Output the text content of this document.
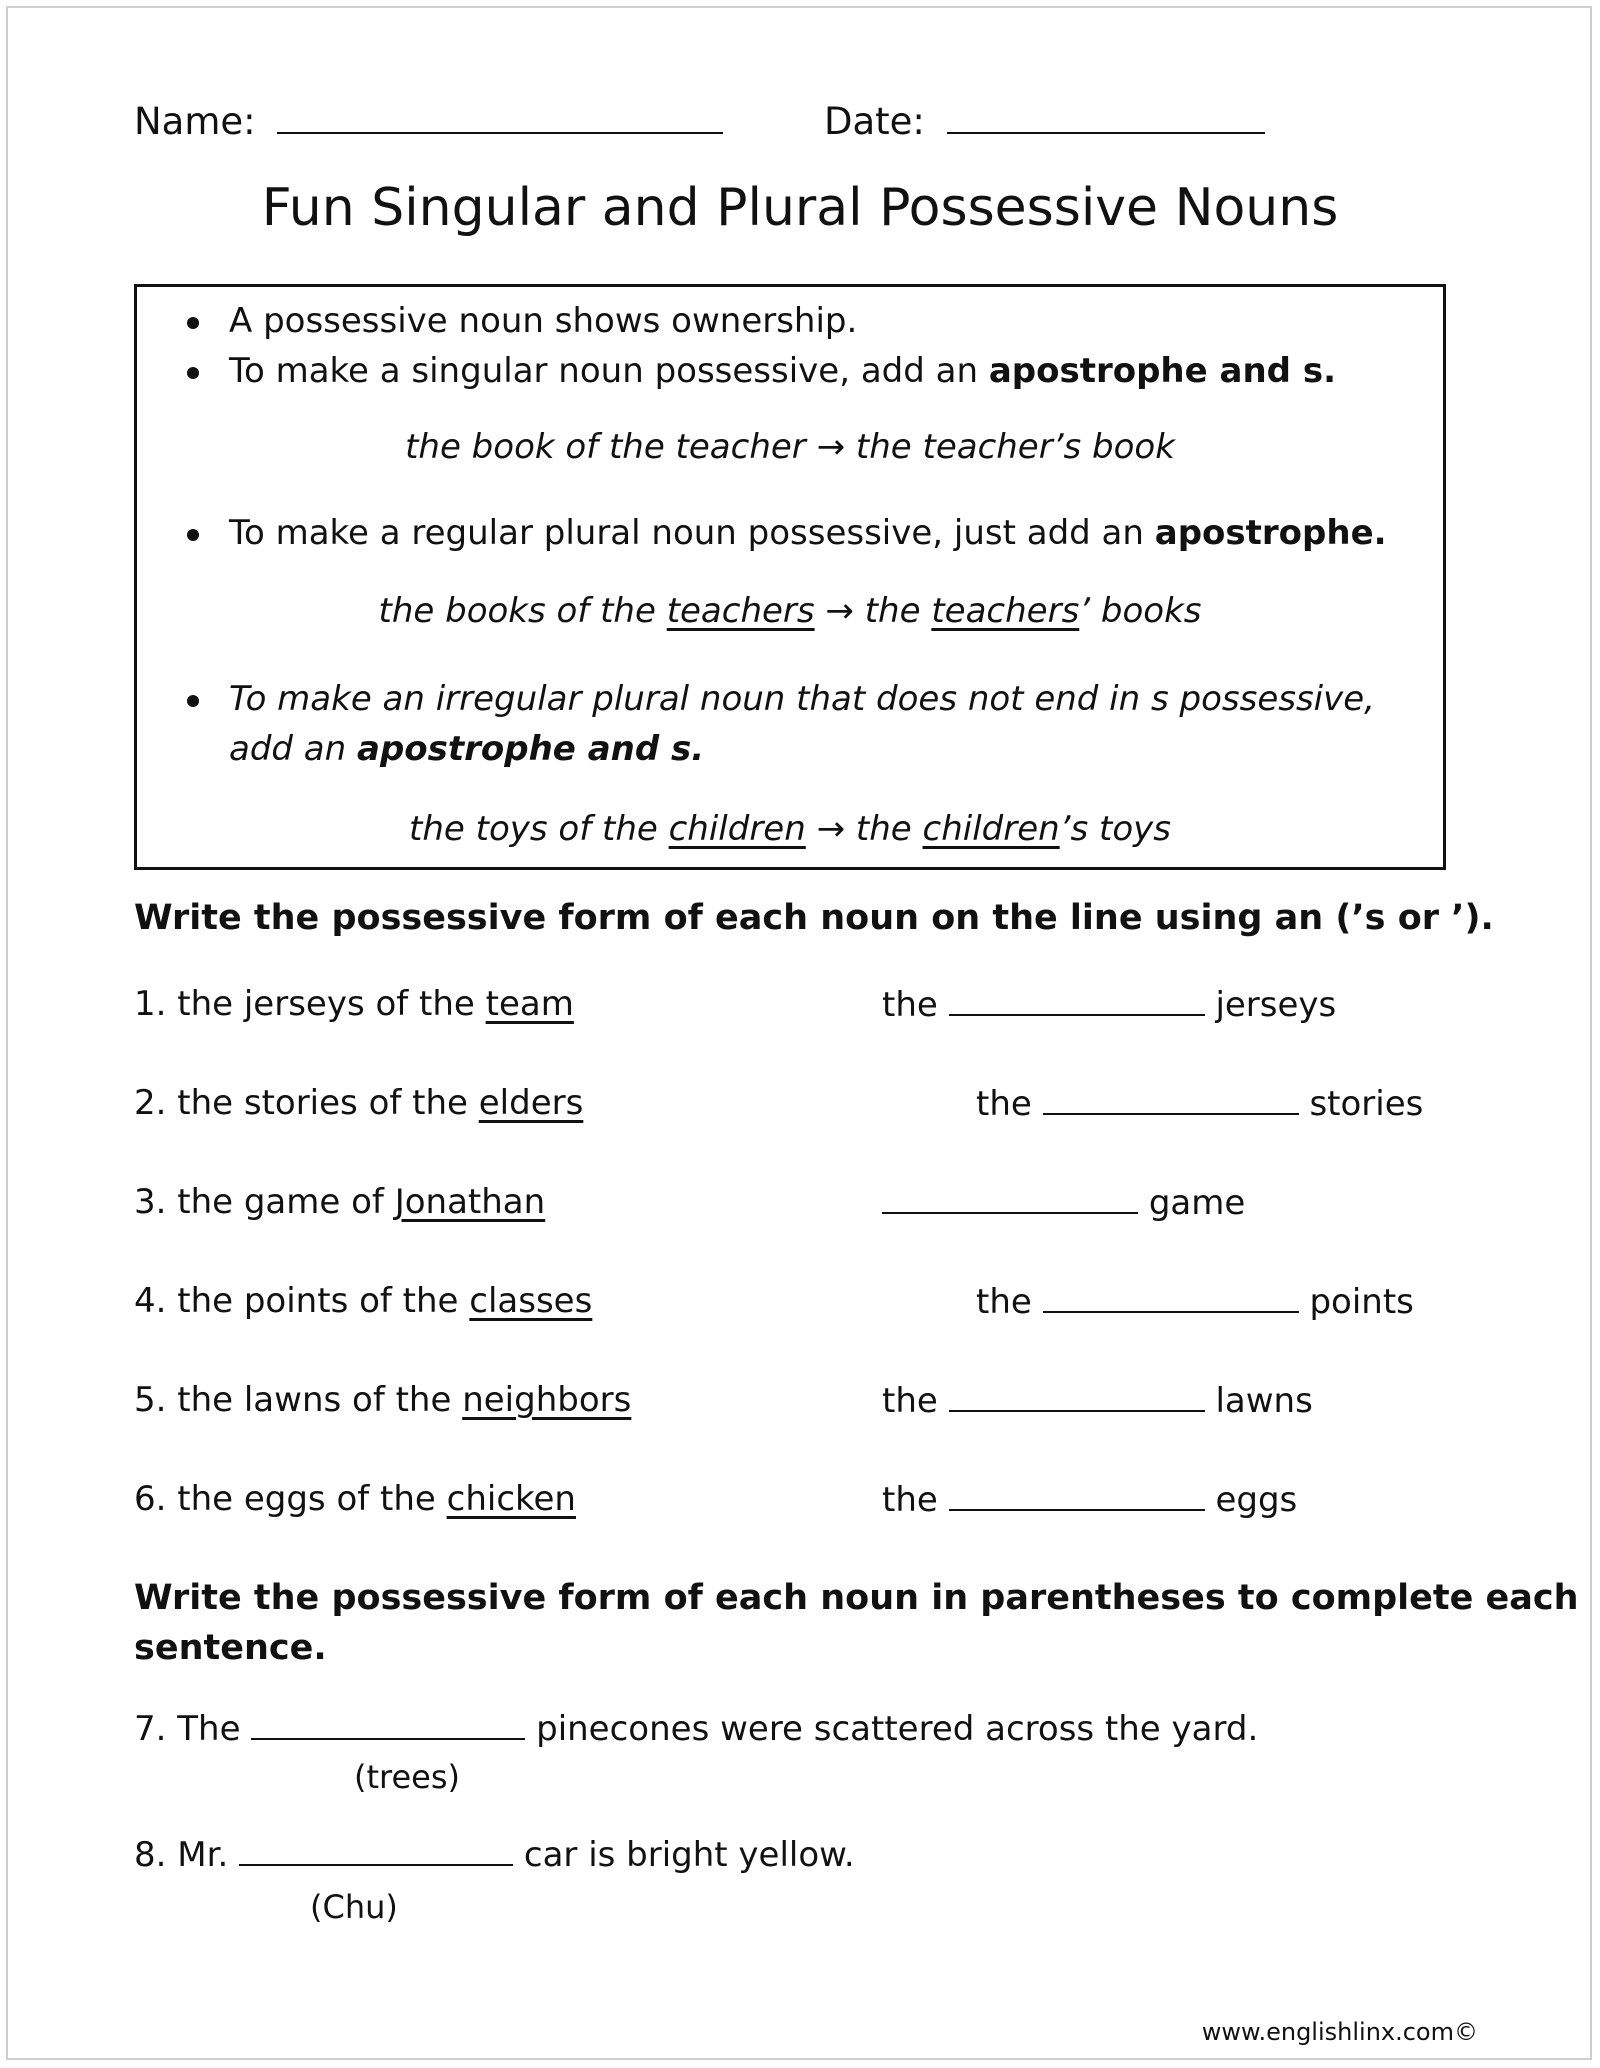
Name:	Date:
Fun Singular and Plural Possessive Nouns
A possessive noun shows ownership.
To make a singular noun possessive, add an apostrophe and s.
the book of the teacher → the teacher’s book
To make a regular plural noun possessive, just add an apostrophe.
the books of the teachers → the teachers’ books
To make an irregular plural noun that does not end in s possessive,
add an apostrophe and s.
the toys of the children → the children’s toys
Write the possessive form of each noun on the line using an (’s or ’).
1. the jerseys of the team	the	jerseys
2. the stories of the elders	the	stories
3. the game of Jonathan	game
4. the points of the classes	the	points
5. the lawns of the neighbors	the	lawns
6. the eggs of the chicken	the	eggs
Write the possessive form of each noun in parentheses to complete each
sentence.
7. The	pinecones were scattered across the yard.
(trees)
8. Mr.	car is bright yellow.
(Chu)
www.englishlinx.com©
